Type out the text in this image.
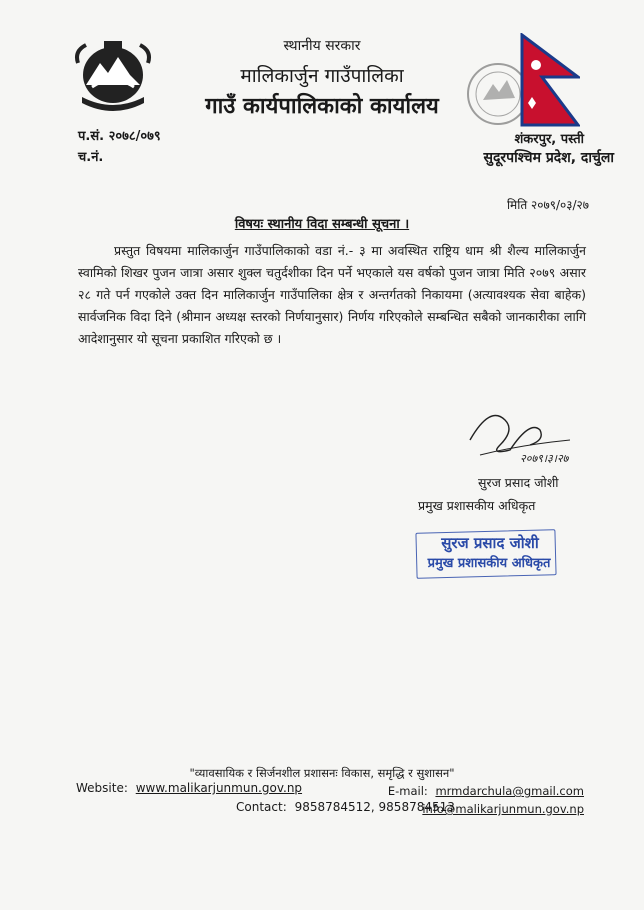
स्थानीय सरकार
मालिकार्जुन गाउँपालिका
गाउँ कार्यपालिकाको कार्यालय
प.सं. २०७८/०७९
च.नं.
शंकरपुर, पस्ती
सुदूरपश्चिम प्रदेश, दार्चुला
मिति २०७९/०३/२७
विषयः स्थानीय विदा सम्बन्धी सूचना ।
प्रस्तुत विषयमा मालिकार्जुन गाउँपालिकाको वडा नं.- ३ मा अवस्थित राष्ट्रिय धाम श्री शैल्य मालिकार्जुन स्वामिको शिखर पुजन जात्रा असार शुक्ल चतुर्दशीका दिन पर्ने भएकाले यस वर्षको पुजन जात्रा मिति २०७९ असार २८ गते पर्न गएकोले उक्त दिन मालिकार्जुन गाउँपालिका क्षेत्र र अन्तर्गतको निकायमा (अत्यावश्यक सेवा बाहेक) सार्वजनिक विदा दिने (श्रीमान अध्यक्ष स्तरको निर्णयानुसार) निर्णय गरिएकोले सम्बन्धित सबैको जानकारीका लागि आदेशानुसार यो सूचना प्रकाशित गरिएको छ ।
२०७९।३।२७
सुरज प्रसाद जोशी
प्रमुख प्रशासकीय अधिकृत
सुरज प्रसाद जोशी
प्रमुख प्रशासकीय अधिकृत
"व्यावसायिक र सिर्जनशील प्रशासनः विकास, समृद्धि र सुशासन"
Website: www.malikarjunmun.gov.np	E-mail: mrmdarchula@gmail.com
Contact: 9858784512, 9858784513
info@malikarjunmun.gov.np
